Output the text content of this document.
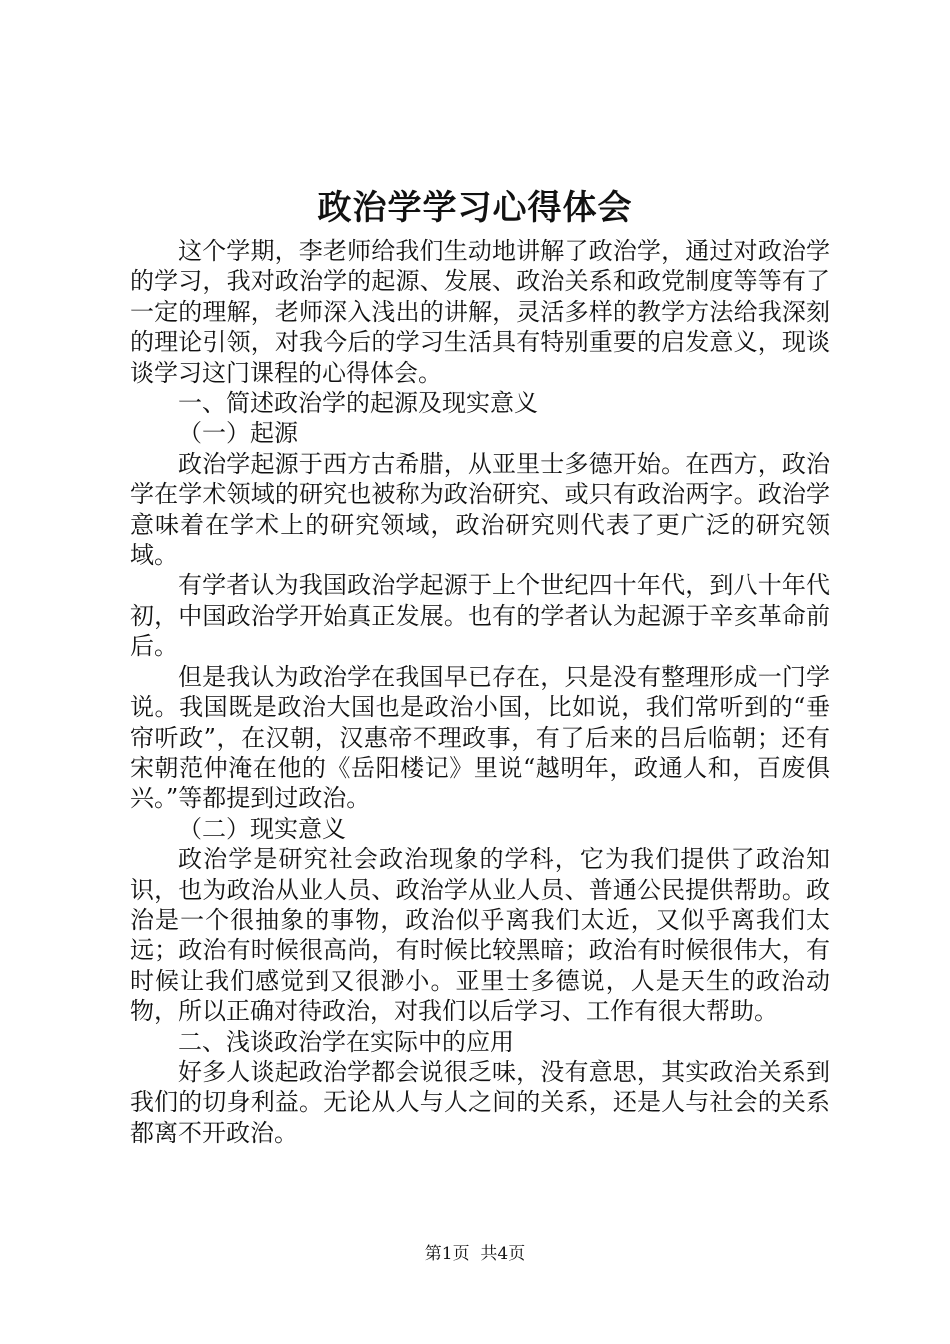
政治学学习心得体会

这个学期，李老师给我们生动地讲解了政治学，通过对政治学的学习，我对政治学的起源、发展、政治关系和政党制度等等有了一定的理解，老师深入浅出的讲解，灵活多样的教学方法给我深刻的理论引领，对我今后的学习生活具有特别重要的启发意义，现谈谈学习这门课程的心得体会。

一、简述政治学的起源及现实意义

（一）起源

政治学起源于西方古希腊，从亚里士多德开始。在西方，政治学在学术领域的研究也被称为政治研究、或只有政治两字。政治学意味着在学术上的研究领域，政治研究则代表了更广泛的研究领域。

有学者认为我国政治学起源于上个世纪四十年代，到八十年代初，中国政治学开始真正发展。也有的学者认为起源于辛亥革命前后。

但是我认为政治学在我国早已存在，只是没有整理形成一门学说。我国既是政治大国也是政治小国，比如说，我们常听到的“垂帘听政”，在汉朝，汉惠帝不理政事，有了后来的吕后临朝；还有宋朝范仲淹在他的《岳阳楼记》里说“越明年，政通人和，百废俱兴。”等都提到过政治。

（二）现实意义

政治学是研究社会政治现象的学科，它为我们提供了政治知识，也为政治从业人员、政治学从业人员、普通公民提供帮助。政治是一个很抽象的事物，政治似乎离我们太近，又似乎离我们太远；政治有时候很高尚，有时候比较黑暗；政治有时候很伟大，有时候让我们感觉到又很渺小。亚里士多德说，人是天生的政治动物，所以正确对待政治，对我们以后学习、工作有很大帮助。

二、浅谈政治学在实际中的应用

好多人谈起政治学都会说很乏味，没有意思，其实政治关系到我们的切身利益。无论从人与人之间的关系，还是人与社会的关系都离不开政治。

第1页 共4页
